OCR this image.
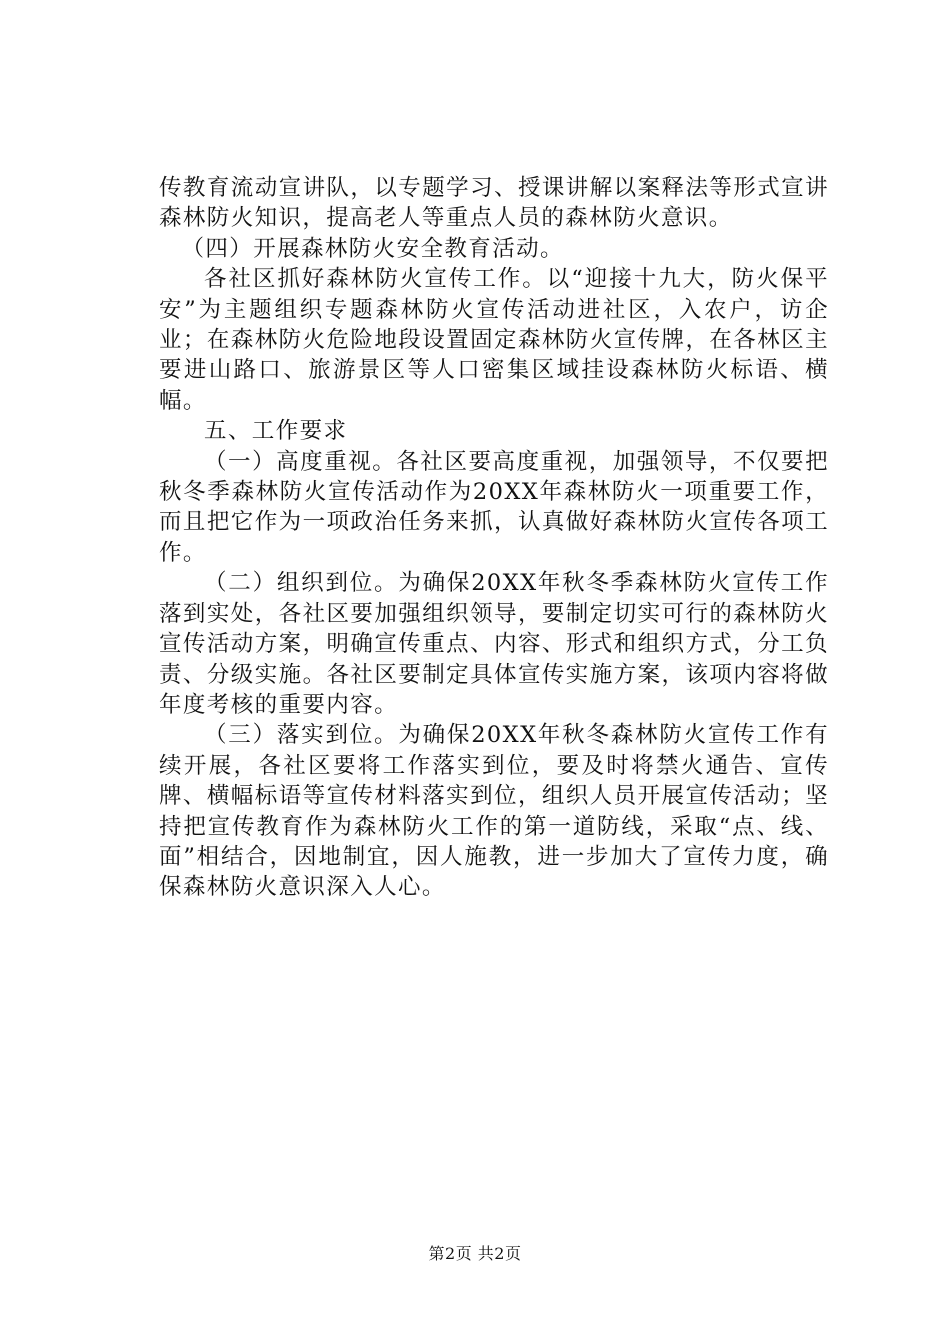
传教育流动宣讲队，以专题学习、授课讲解以案释法等形式宣讲森林防火知识，提高老人等重点人员的森林防火意识。

（四）开展森林防火安全教育活动。

各社区抓好森林防火宣传工作。以“迎接十九大，防火保平安”为主题组织专题森林防火宣传活动进社区，入农户，访企业；在森林防火危险地段设置固定森林防火宣传牌，在各林区主要进山路口、旅游景区等人口密集区域挂设森林防火标语、横幅。

五、工作要求

（一）高度重视。各社区要高度重视，加强领导，不仅要把秋冬季森林防火宣传活动作为20XX年森林防火一项重要工作，而且把它作为一项政治任务来抓，认真做好森林防火宣传各项工作。

（二）组织到位。为确保20XX年秋冬季森林防火宣传工作落到实处，各社区要加强组织领导，要制定切实可行的森林防火宣传活动方案，明确宣传重点、内容、形式和组织方式，分工负责、分级实施。各社区要制定具体宣传实施方案，该项内容将做年度考核的重要内容。

（三）落实到位。为确保20XX年秋冬森林防火宣传工作有续开展，各社区要将工作落实到位，要及时将禁火通告、宣传牌、横幅标语等宣传材料落实到位，组织人员开展宣传活动；坚持把宣传教育作为森林防火工作的第一道防线，采取“点、线、面”相结合，因地制宜，因人施教，进一步加大了宣传力度，确保森林防火意识深入人心。

第2页 共2页
